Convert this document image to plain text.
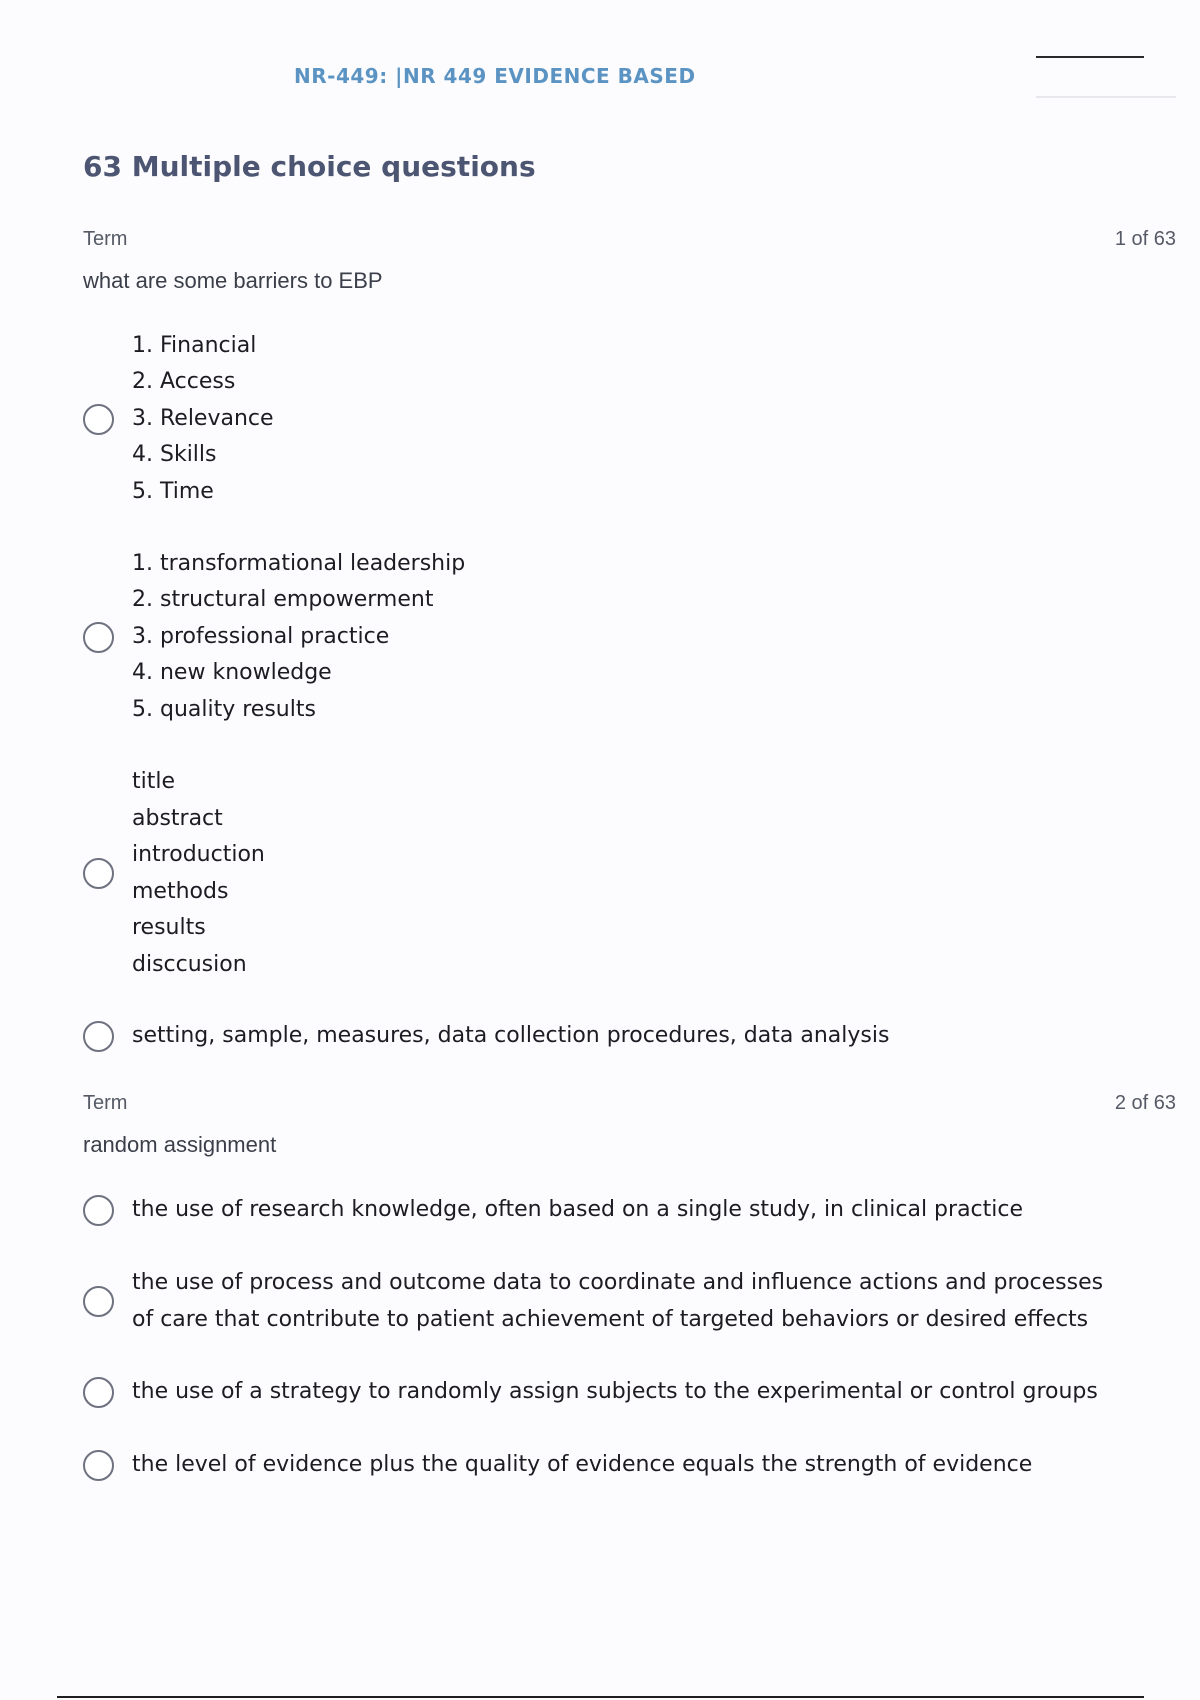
NR-449: |NR 449 EVIDENCE BASED
63 Multiple choice questions
Term	1 of 63
what are some barriers to EBP
1. Financial
2. Access
3. Relevance
4. Skills
5. Time
1. transformational leadership
2. structural empowerment
3. professional practice
4. new knowledge
5. quality results
title
abstract
introduction
methods
results
disccusion
setting, sample, measures, data collection procedures, data analysis
Term	2 of 63
random assignment
the use of research knowledge, often based on a single study, in clinical practice
the use of process and outcome data to coordinate and influence actions and processes
of care that contribute to patient achievement of targeted behaviors or desired effects
the use of a strategy to randomly assign subjects to the experimental or control groups
the level of evidence plus the quality of evidence equals the strength of evidence
